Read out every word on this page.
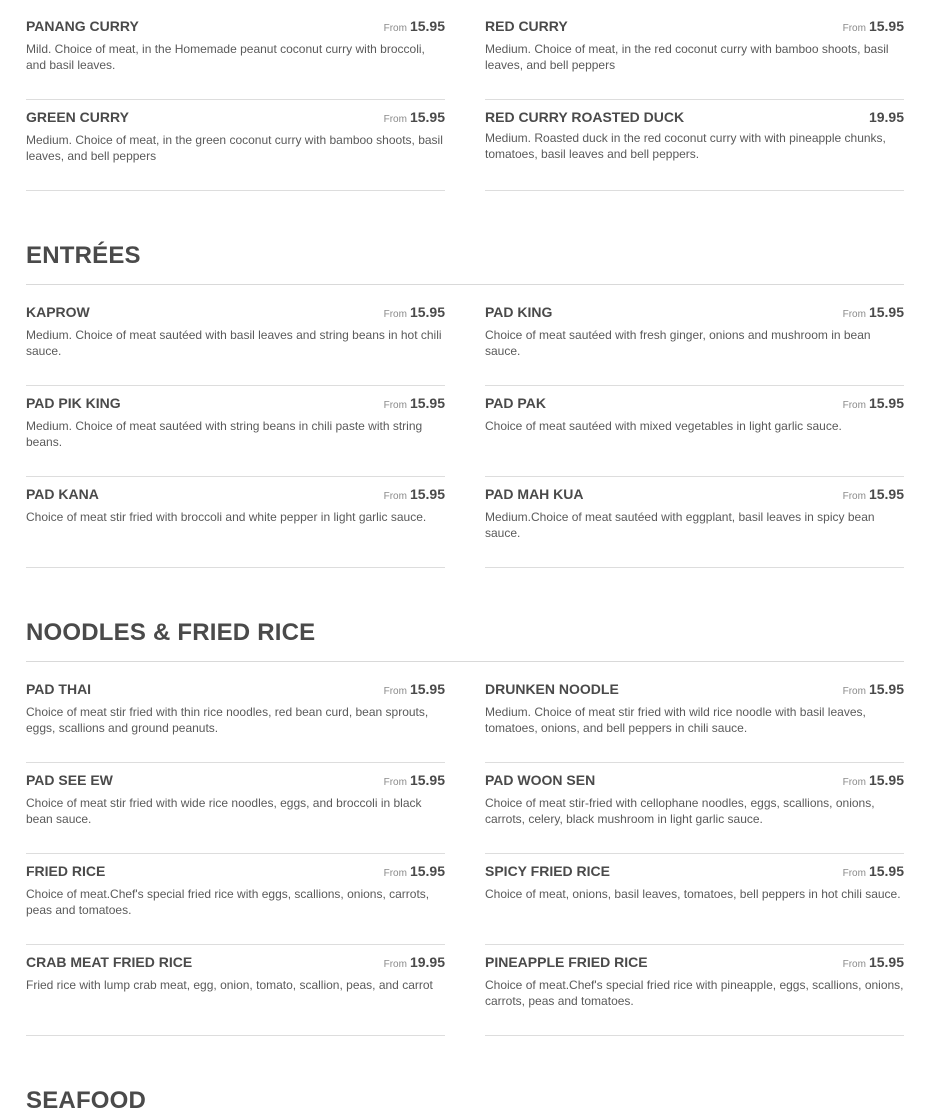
PANANG CURRY	From 15.95

Mild. Choice of meat, in the Homemade peanut coconut curry with broccoli, and basil leaves.

RED CURRY	From 15.95

Medium. Choice of meat, in the red coconut curry with bamboo shoots, basil leaves, and bell peppers

GREEN CURRY	From 15.95

Medium. Choice of meat, in the green coconut curry with bamboo shoots, basil leaves, and bell peppers

RED CURRY ROASTED DUCK	19.95

Medium. Roasted duck in the red coconut curry with with pineapple chunks, tomatoes, basil leaves and bell peppers.

ENTRÉES
KAPROW	From 15.95

Medium. Choice of meat sautéed with basil leaves and string beans in hot chili sauce.

PAD KING	From 15.95

Choice of meat sautéed with fresh ginger, onions and mushroom in bean sauce.

PAD PIK KING	From 15.95

Medium. Choice of meat sautéed with string beans in chili paste with string beans.

PAD PAK	From 15.95

Choice of meat sautéed with mixed vegetables in light garlic sauce.

PAD KANA	From 15.95

Choice of meat stir fried with broccoli and white pepper in light garlic sauce.

PAD MAH KUA	From 15.95

Medium.Choice of meat sautéed with eggplant, basil leaves in spicy bean sauce.

NOODLES & FRIED RICE
PAD THAI	From 15.95

Choice of meat stir fried with thin rice noodles, red bean curd, bean sprouts, eggs, scallions and ground peanuts.

DRUNKEN NOODLE	From 15.95

Medium. Choice of meat stir fried with wild rice noodle with basil leaves, tomatoes, onions, and bell peppers in chili sauce.

PAD SEE EW	From 15.95

Choice of meat stir fried with wide rice noodles, eggs, and broccoli in black bean sauce.

PAD WOON SEN	From 15.95

Choice of meat stir-fried with cellophane noodles, eggs, scallions, onions, carrots, celery, black mushroom in light garlic sauce.

FRIED RICE	From 15.95

Choice of meat.Chef's special fried rice with eggs, scallions, onions, carrots, peas and tomatoes.

SPICY FRIED RICE	From 15.95

Choice of meat, onions, basil leaves, tomatoes, bell peppers in hot chili sauce.

CRAB MEAT FRIED RICE	From 19.95

Fried rice with lump crab meat, egg, onion, tomato, scallion, peas, and carrot

PINEAPPLE FRIED RICE	From 15.95

Choice of meat.Chef's special fried rice with pineapple, eggs, scallions, onions, carrots, peas and tomatoes.

SEAFOOD
